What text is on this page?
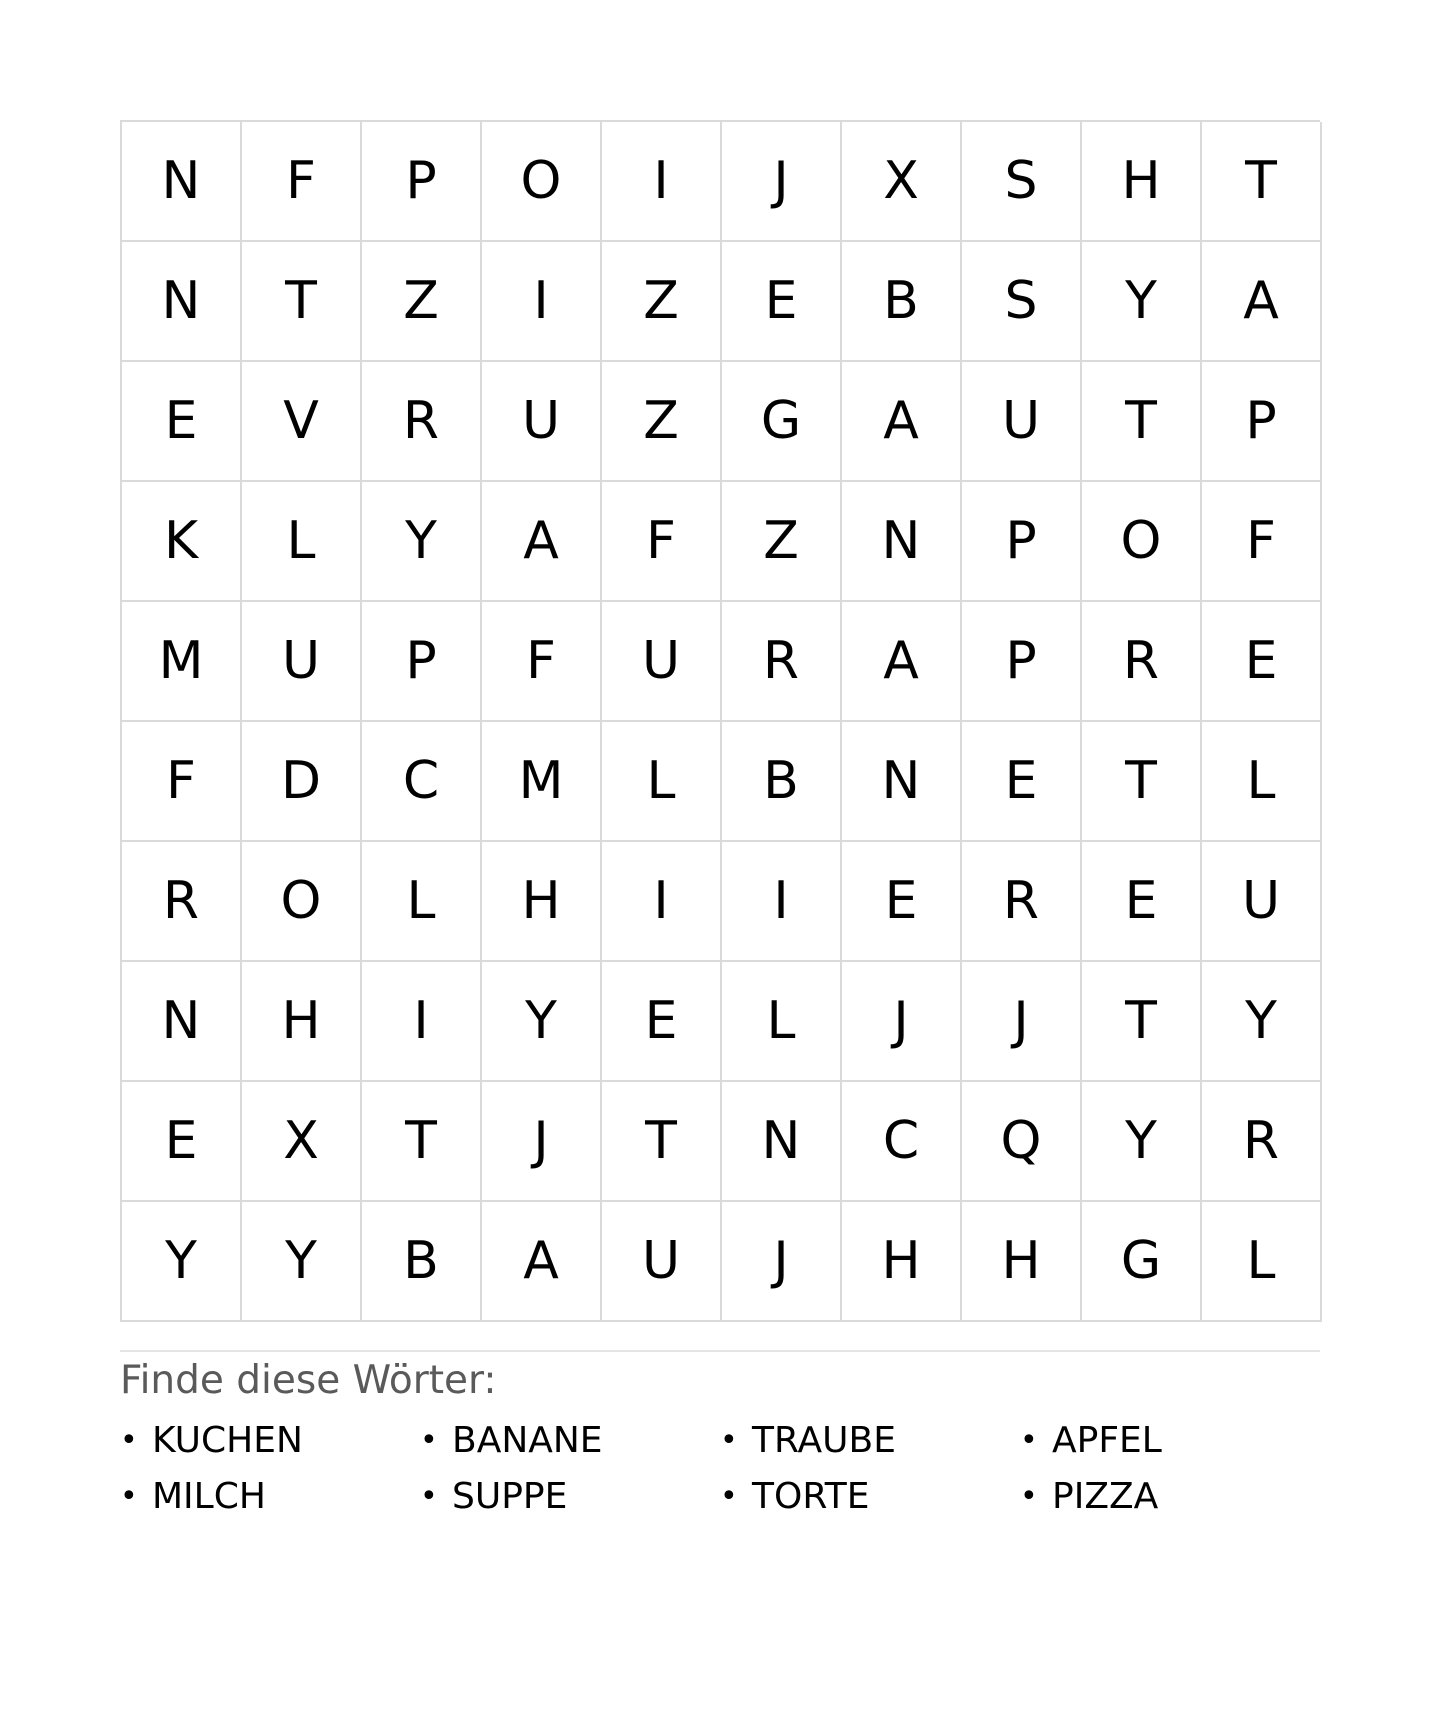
N	F	P	O	I	J	X	S	H	T
N	T	Z	I	Z	E	B	S	Y	A
E	V	R	U	Z	G	A	U	T	P
K	L	Y	A	F	Z	N	P	O	F
M	U	P	F	U	R	A	P	R	E
F	D	C	M	L	B	N	E	T	L
R	O	L	H	I	I	E	R	E	U
N	H	I	Y	E	L	J	J	T	Y
E	X	T	J	T	N	C	Q	Y	R
Y	Y	B	A	U	J	H	H	G	L
Finde diese Wörter:
• KUCHEN	• BANANE	• TRAUBE	• APFEL
• MILCH	• SUPPE	• TORTE	• PIZZA
